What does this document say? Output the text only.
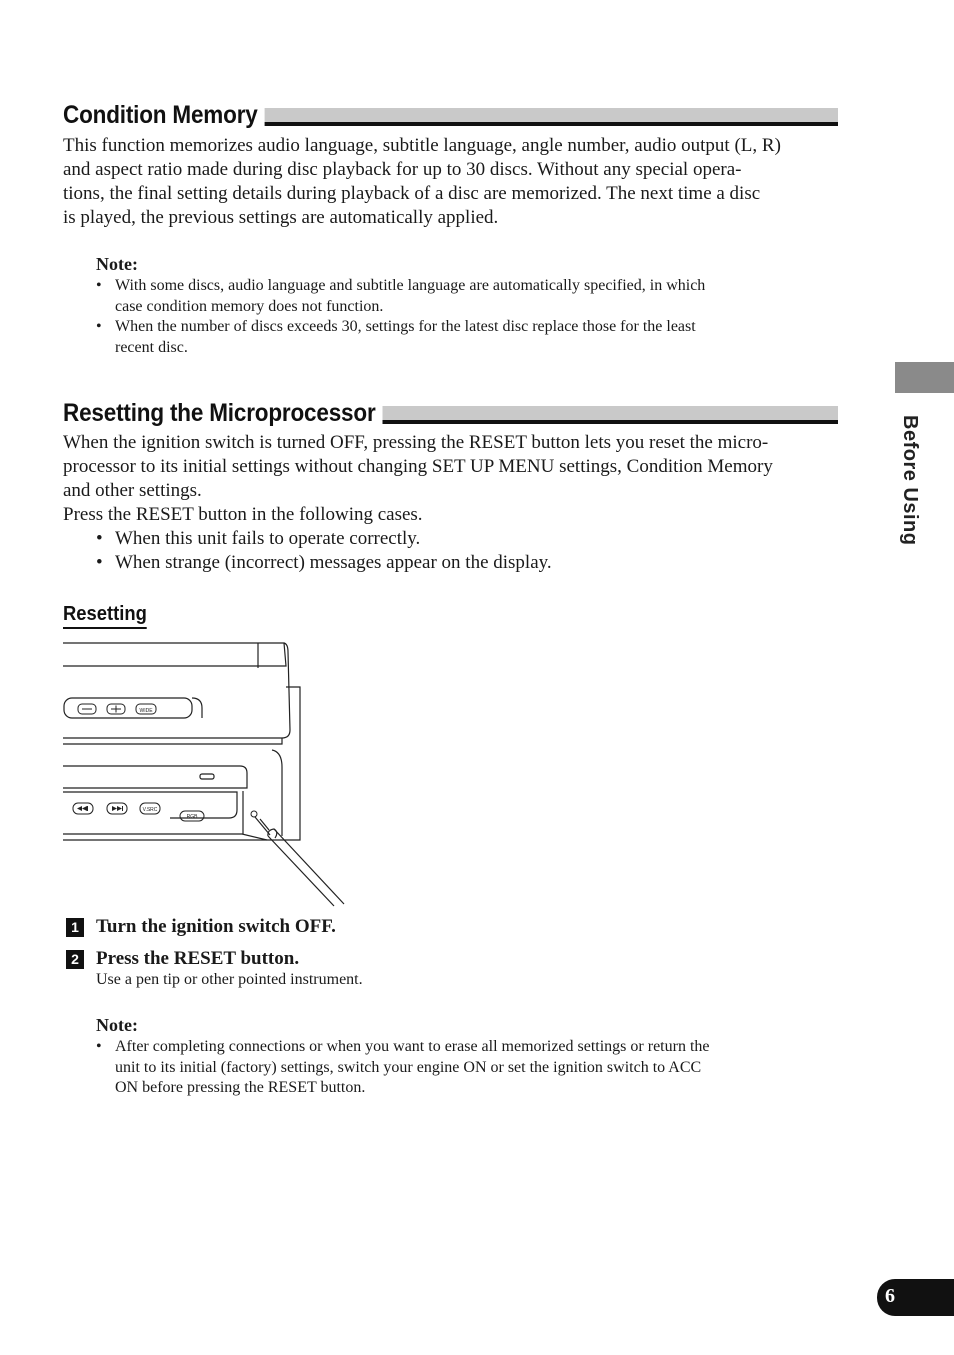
Condition Memory
This function memorizes audio language, subtitle language, angle number, audio output (L, R)
and aspect ratio made during disc playback for up to 30 discs. Without any special opera-
tions, the final setting details during playback of a disc are memorized. The next time a disc
is played, the previous settings are automatically applied.
Note:
• With some discs, audio language and subtitle language are automatically specified, in which
case condition memory does not function.
• When the number of discs exceeds 30, settings for the latest disc replace those for the least
recent disc.
Resetting the Microprocessor
When the ignition switch is turned OFF, pressing the RESET button lets you reset the micro-
processor to its initial settings without changing SET UP MENU settings, Condition Memory
and other settings.
Press the RESET button in the following cases.
• When this unit fails to operate correctly.
• When strange (incorrect) messages appear on the display.
Resetting
WIDE
V.SRC
RGB
1 Turn the ignition switch OFF.
2 Press the RESET button.
Use a pen tip or other pointed instrument.
Note:
• After completing connections or when you want to erase all memorized settings or return the
unit to its initial (factory) settings, switch your engine ON or set the ignition switch to ACC
ON before pressing the RESET button.
Before Using
6
